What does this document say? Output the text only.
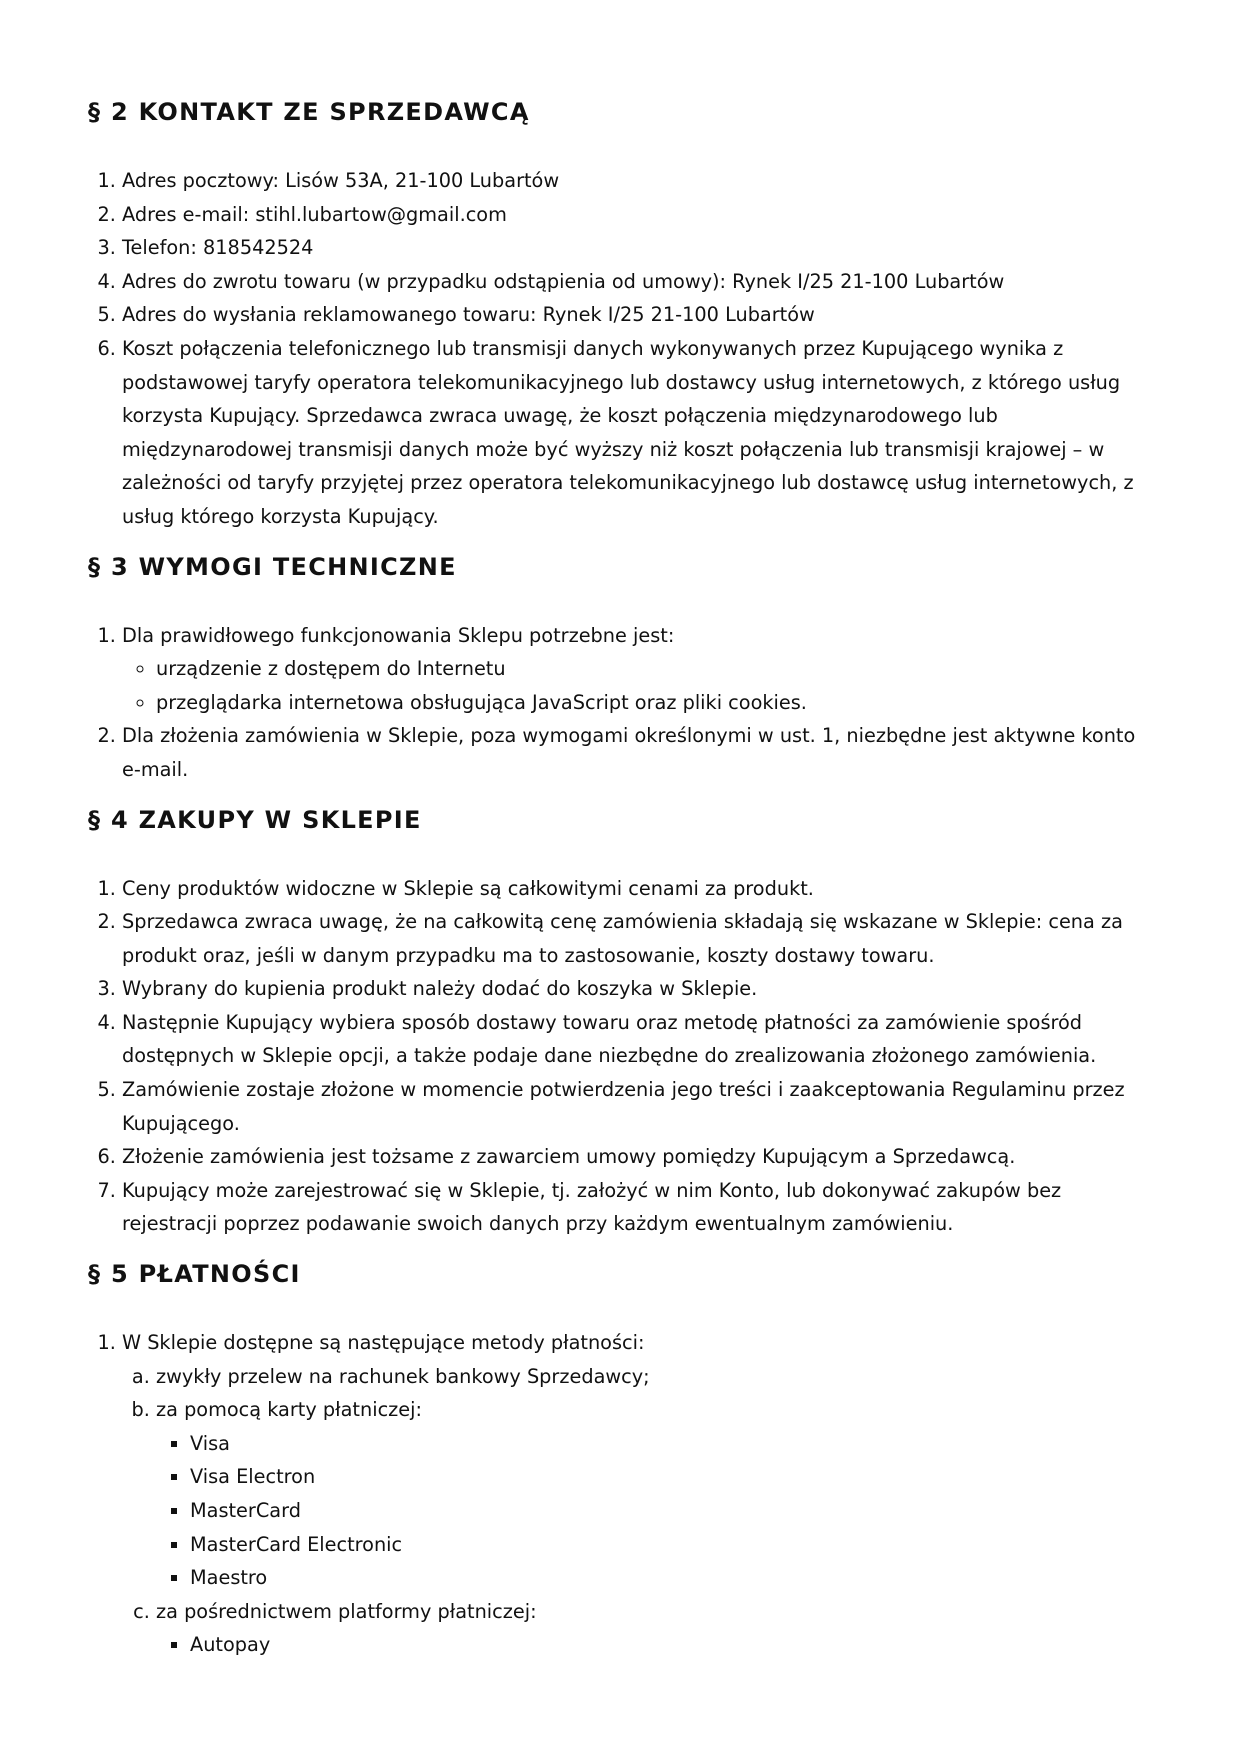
§ 2 KONTAKT ZE SPRZEDAWCĄ
1. Adres pocztowy: Lisów 53A, 21-100 Lubartów
2. Adres e-mail: stihl.lubartow@gmail.com
3. Telefon: 818542524
4. Adres do zwrotu towaru (w przypadku odstąpienia od umowy): Rynek I/25 21-100 Lubartów
5. Adres do wysłania reklamowanego towaru: Rynek I/25 21-100 Lubartów
6. Koszt połączenia telefonicznego lub transmisji danych wykonywanych przez Kupującego wynika z podstawowej taryfy operatora telekomunikacyjnego lub dostawcy usług internetowych, z którego usług korzysta Kupujący. Sprzedawca zwraca uwagę, że koszt połączenia międzynarodowego lub międzynarodowej transmisji danych może być wyższy niż koszt połączenia lub transmisji krajowej – w zależności od taryfy przyjętej przez operatora telekomunikacyjnego lub dostawcę usług internetowych, z usług którego korzysta Kupujący.
§ 3 WYMOGI TECHNICZNE
1. Dla prawidłowego funkcjonowania Sklepu potrzebne jest:
◦ urządzenie z dostępem do Internetu
◦ przeglądarka internetowa obsługująca JavaScript oraz pliki cookies.
2. Dla złożenia zamówienia w Sklepie, poza wymogami określonymi w ust. 1, niezbędne jest aktywne konto e-mail.
§ 4 ZAKUPY W SKLEPIE
1. Ceny produktów widoczne w Sklepie są całkowitymi cenami za produkt.
2. Sprzedawca zwraca uwagę, że na całkowitą cenę zamówienia składają się wskazane w Sklepie: cena za produkt oraz, jeśli w danym przypadku ma to zastosowanie, koszty dostawy towaru.
3. Wybrany do kupienia produkt należy dodać do koszyka w Sklepie.
4. Następnie Kupujący wybiera sposób dostawy towaru oraz metodę płatności za zamówienie spośród dostępnych w Sklepie opcji, a także podaje dane niezbędne do zrealizowania złożonego zamówienia.
5. Zamówienie zostaje złożone w momencie potwierdzenia jego treści i zaakceptowania Regulaminu przez Kupującego.
6. Złożenie zamówienia jest tożsame z zawarciem umowy pomiędzy Kupującym a Sprzedawcą.
7. Kupujący może zarejestrować się w Sklepie, tj. założyć w nim Konto, lub dokonywać zakupów bez rejestracji poprzez podawanie swoich danych przy każdym ewentualnym zamówieniu.
§ 5 PŁATNOŚCI
1. W Sklepie dostępne są następujące metody płatności:
a. zwykły przelew na rachunek bankowy Sprzedawcy;
b. za pomocą karty płatniczej:
▪ Visa
▪ Visa Electron
▪ MasterCard
▪ MasterCard Electronic
▪ Maestro
c. za pośrednictwem platformy płatniczej:
▪ Autopay
